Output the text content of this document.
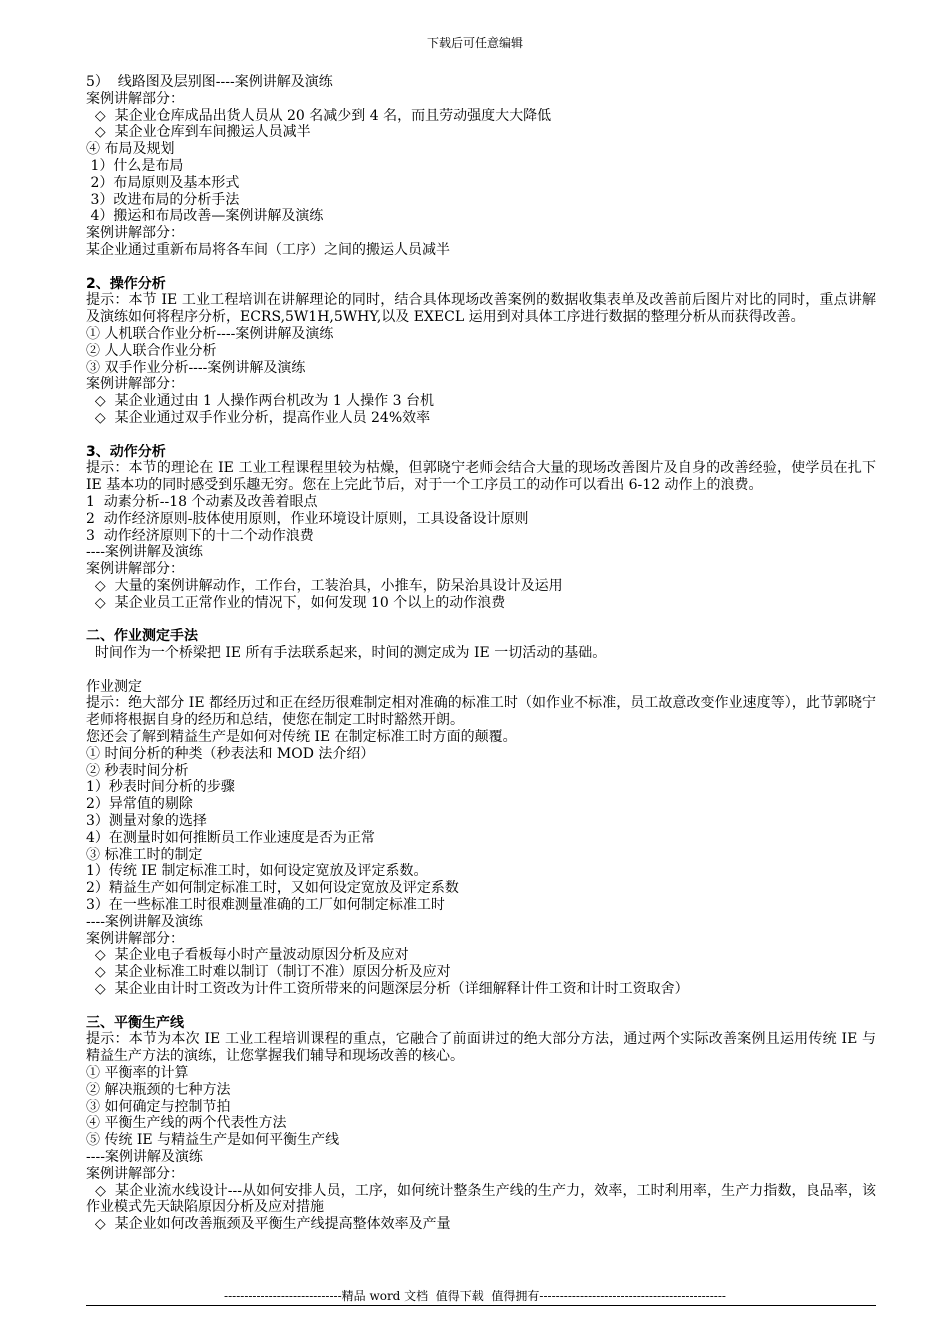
下载后可任意编辑
5）  线路图及层别图----案例讲解及演练
案例讲解部分：
◇  某企业仓库成品出货人员从 20 名减少到 4 名，而且劳动强度大大降低
◇  某企业仓库到车间搬运人员减半
④ 布局及规划
1）什么是布局
2）布局原则及基本形式
3）改进布局的分析手法
4）搬运和布局改善—案例讲解及演练
案例讲解部分：
某企业通过重新布局将各车间（工序）之间的搬运人员减半
2、操作分析
提示：本节 IE 工业工程培训在讲解理论的同时，结合具体现场改善案例的数据收集表单及改善前后图片对比的同时，重点讲解及演练如何将程序分析，ECRS,5W1H,5WHY,以及 EXECL 运用到对具体工序进行数据的整理分析从而获得改善。
① 人机联合作业分析----案例讲解及演练
② 人人联合作业分析
③ 双手作业分析----案例讲解及演练
案例讲解部分：
◇  某企业通过由 1 人操作两台机改为 1 人操作 3 台机
◇  某企业通过双手作业分析，提高作业人员 24%效率
3、动作分析
提示：本节的理论在 IE 工业工程课程里较为枯燥，但郭晓宁老师会结合大量的现场改善图片及自身的改善经验，使学员在扎下 IE 基本功的同时感受到乐趣无穷。您在上完此节后，对于一个工序员工的动作可以看出 6-12 动作上的浪费。
1  动素分析--18 个动素及改善着眼点
2  动作经济原则-肢体使用原则，作业环境设计原则，工具设备设计原则
3  动作经济原则下的十二个动作浪费
----案例讲解及演练
案例讲解部分：
◇  大量的案例讲解动作，工作台，工装治具，小推车，防呆治具设计及运用
◇  某企业员工正常作业的情况下，如何发现 10 个以上的动作浪费
二、作业测定手法
时间作为一个桥梁把 IE 所有手法联系起来，时间的测定成为 IE 一切活动的基础。
作业测定
提示：绝大部分 IE 都经历过和正在经历很难制定相对准确的标准工时（如作业不标准，员工故意改变作业速度等），此节郭晓宁老师将根据自身的经历和总结，使您在制定工时时豁然开朗。
您还会了解到精益生产是如何对传统 IE 在制定标准工时方面的颠覆。
① 时间分析的种类（秒表法和 MOD 法介绍）
② 秒表时间分析
1）秒表时间分析的步骤
2）异常值的剔除
3）测量对象的选择
4）在测量时如何推断员工作业速度是否为正常
③ 标准工时的制定
1）传统 IE 制定标准工时，如何设定宽放及评定系数。
2）精益生产如何制定标准工时，又如何设定宽放及评定系数
3）在一些标准工时很难测量准确的工厂如何制定标准工时
----案例讲解及演练
案例讲解部分：
◇  某企业电子看板每小时产量波动原因分析及应对
◇  某企业标准工时难以制订（制订不准）原因分析及应对
◇  某企业由计时工资改为计件工资所带来的问题深层分析（详细解释计件工资和计时工资取舍）
三、平衡生产线
提示：本节为本次 IE 工业工程培训课程的重点，它融合了前面讲过的绝大部分方法，通过两个实际改善案例且运用传统 IE 与精益生产方法的演练，让您掌握我们辅导和现场改善的核心。
① 平衡率的计算
② 解决瓶颈的七种方法
③ 如何确定与控制节拍
④ 平衡生产线的两个代表性方法
⑤ 传统 IE 与精益生产是如何平衡生产线
----案例讲解及演练
案例讲解部分：
◇  某企业流水线设计---从如何安排人员，工序，如何统计整条生产线的生产力，效率，工时利用率，生产力指数，良品率，该作业模式先天缺陷原因分析及应对措施
◇  某企业如何改善瓶颈及平衡生产线提高整体效率及产量
-----------------------------精品 word 文档  值得下载  值得拥有----------------------------------------------
